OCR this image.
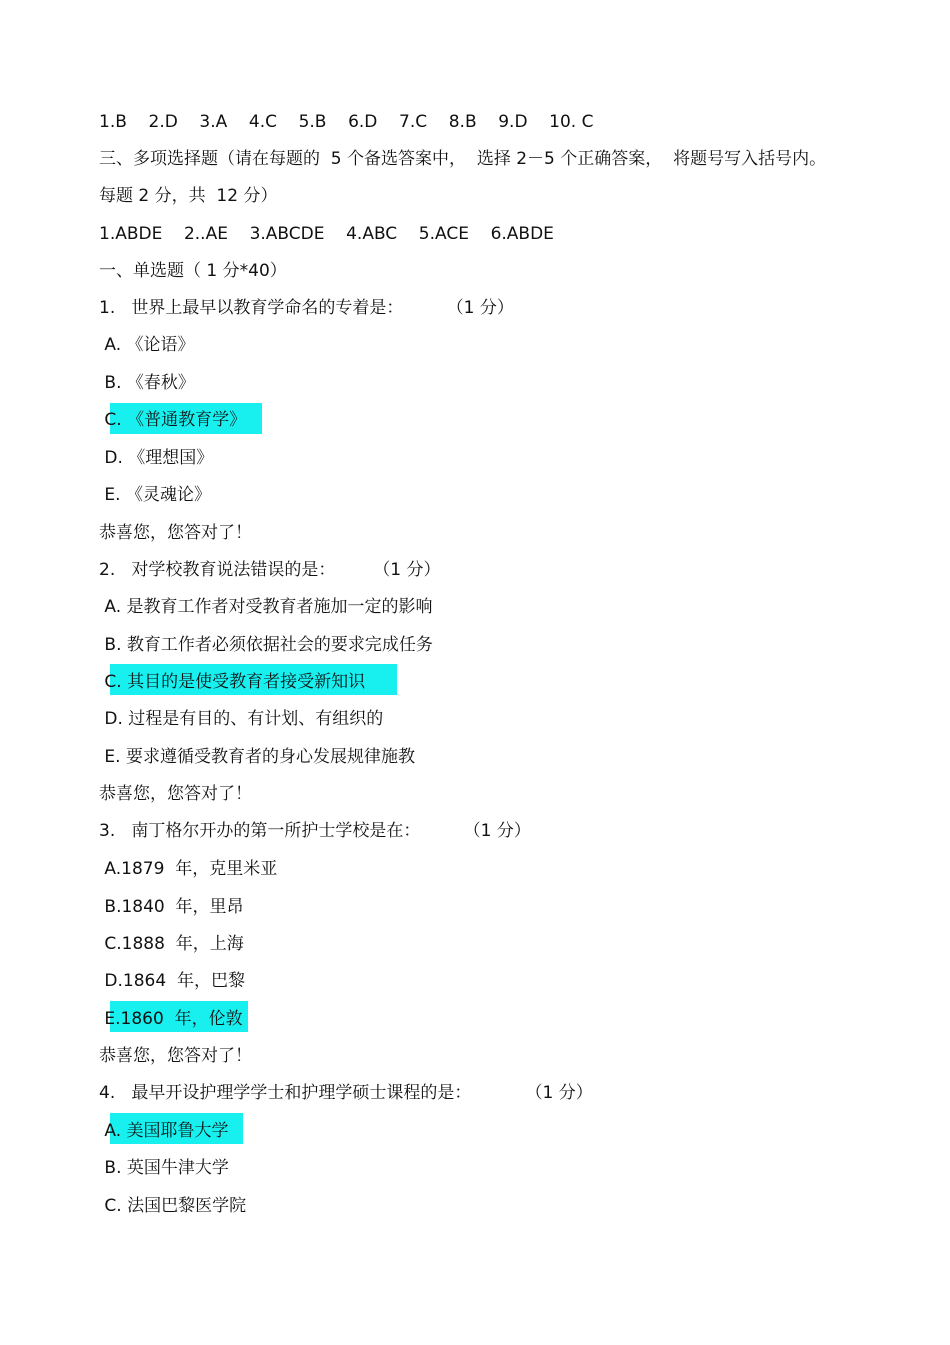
1.B    2.D    3.A    4.C    5.B    6.D    7.C    8.B    9.D    10. C
三、多项选择题（请在每题的  5 个备选答案中，  选择 2－5 个正确答案，  将题号写入括号内。
每题 2 分，共  12 分）
1.ABDE    2..AE    3.ABCDE    4.ABC    5.ACE    6.ABDE
一、单选题（ 1 分*40）
1.   世界上最早以教育学命名的专着是：        （1 分）
A. 《论语》
B. 《春秋》
C. 《普通教育学》
D. 《理想国》
E. 《灵魂论》
恭喜您，您答对了！
2.   对学校教育说法错误的是：       （1 分）
A. 是教育工作者对受教育者施加一定的影响
B. 教育工作者必须依据社会的要求完成任务
C. 其目的是使受教育者接受新知识
D. 过程是有目的、有计划、有组织的
E. 要求遵循受教育者的身心发展规律施教
恭喜您，您答对了！
3.   南丁格尔开办的第一所护士学校是在：        （1 分）
A.1879  年，克里米亚
B.1840  年，里昂
C.1888  年，上海
D.1864  年，巴黎
E.1860  年，伦敦
恭喜您，您答对了！
4.   最早开设护理学学士和护理学硕士课程的是：          （1 分）
A. 美国耶鲁大学
B. 英国牛津大学
C. 法国巴黎医学院
